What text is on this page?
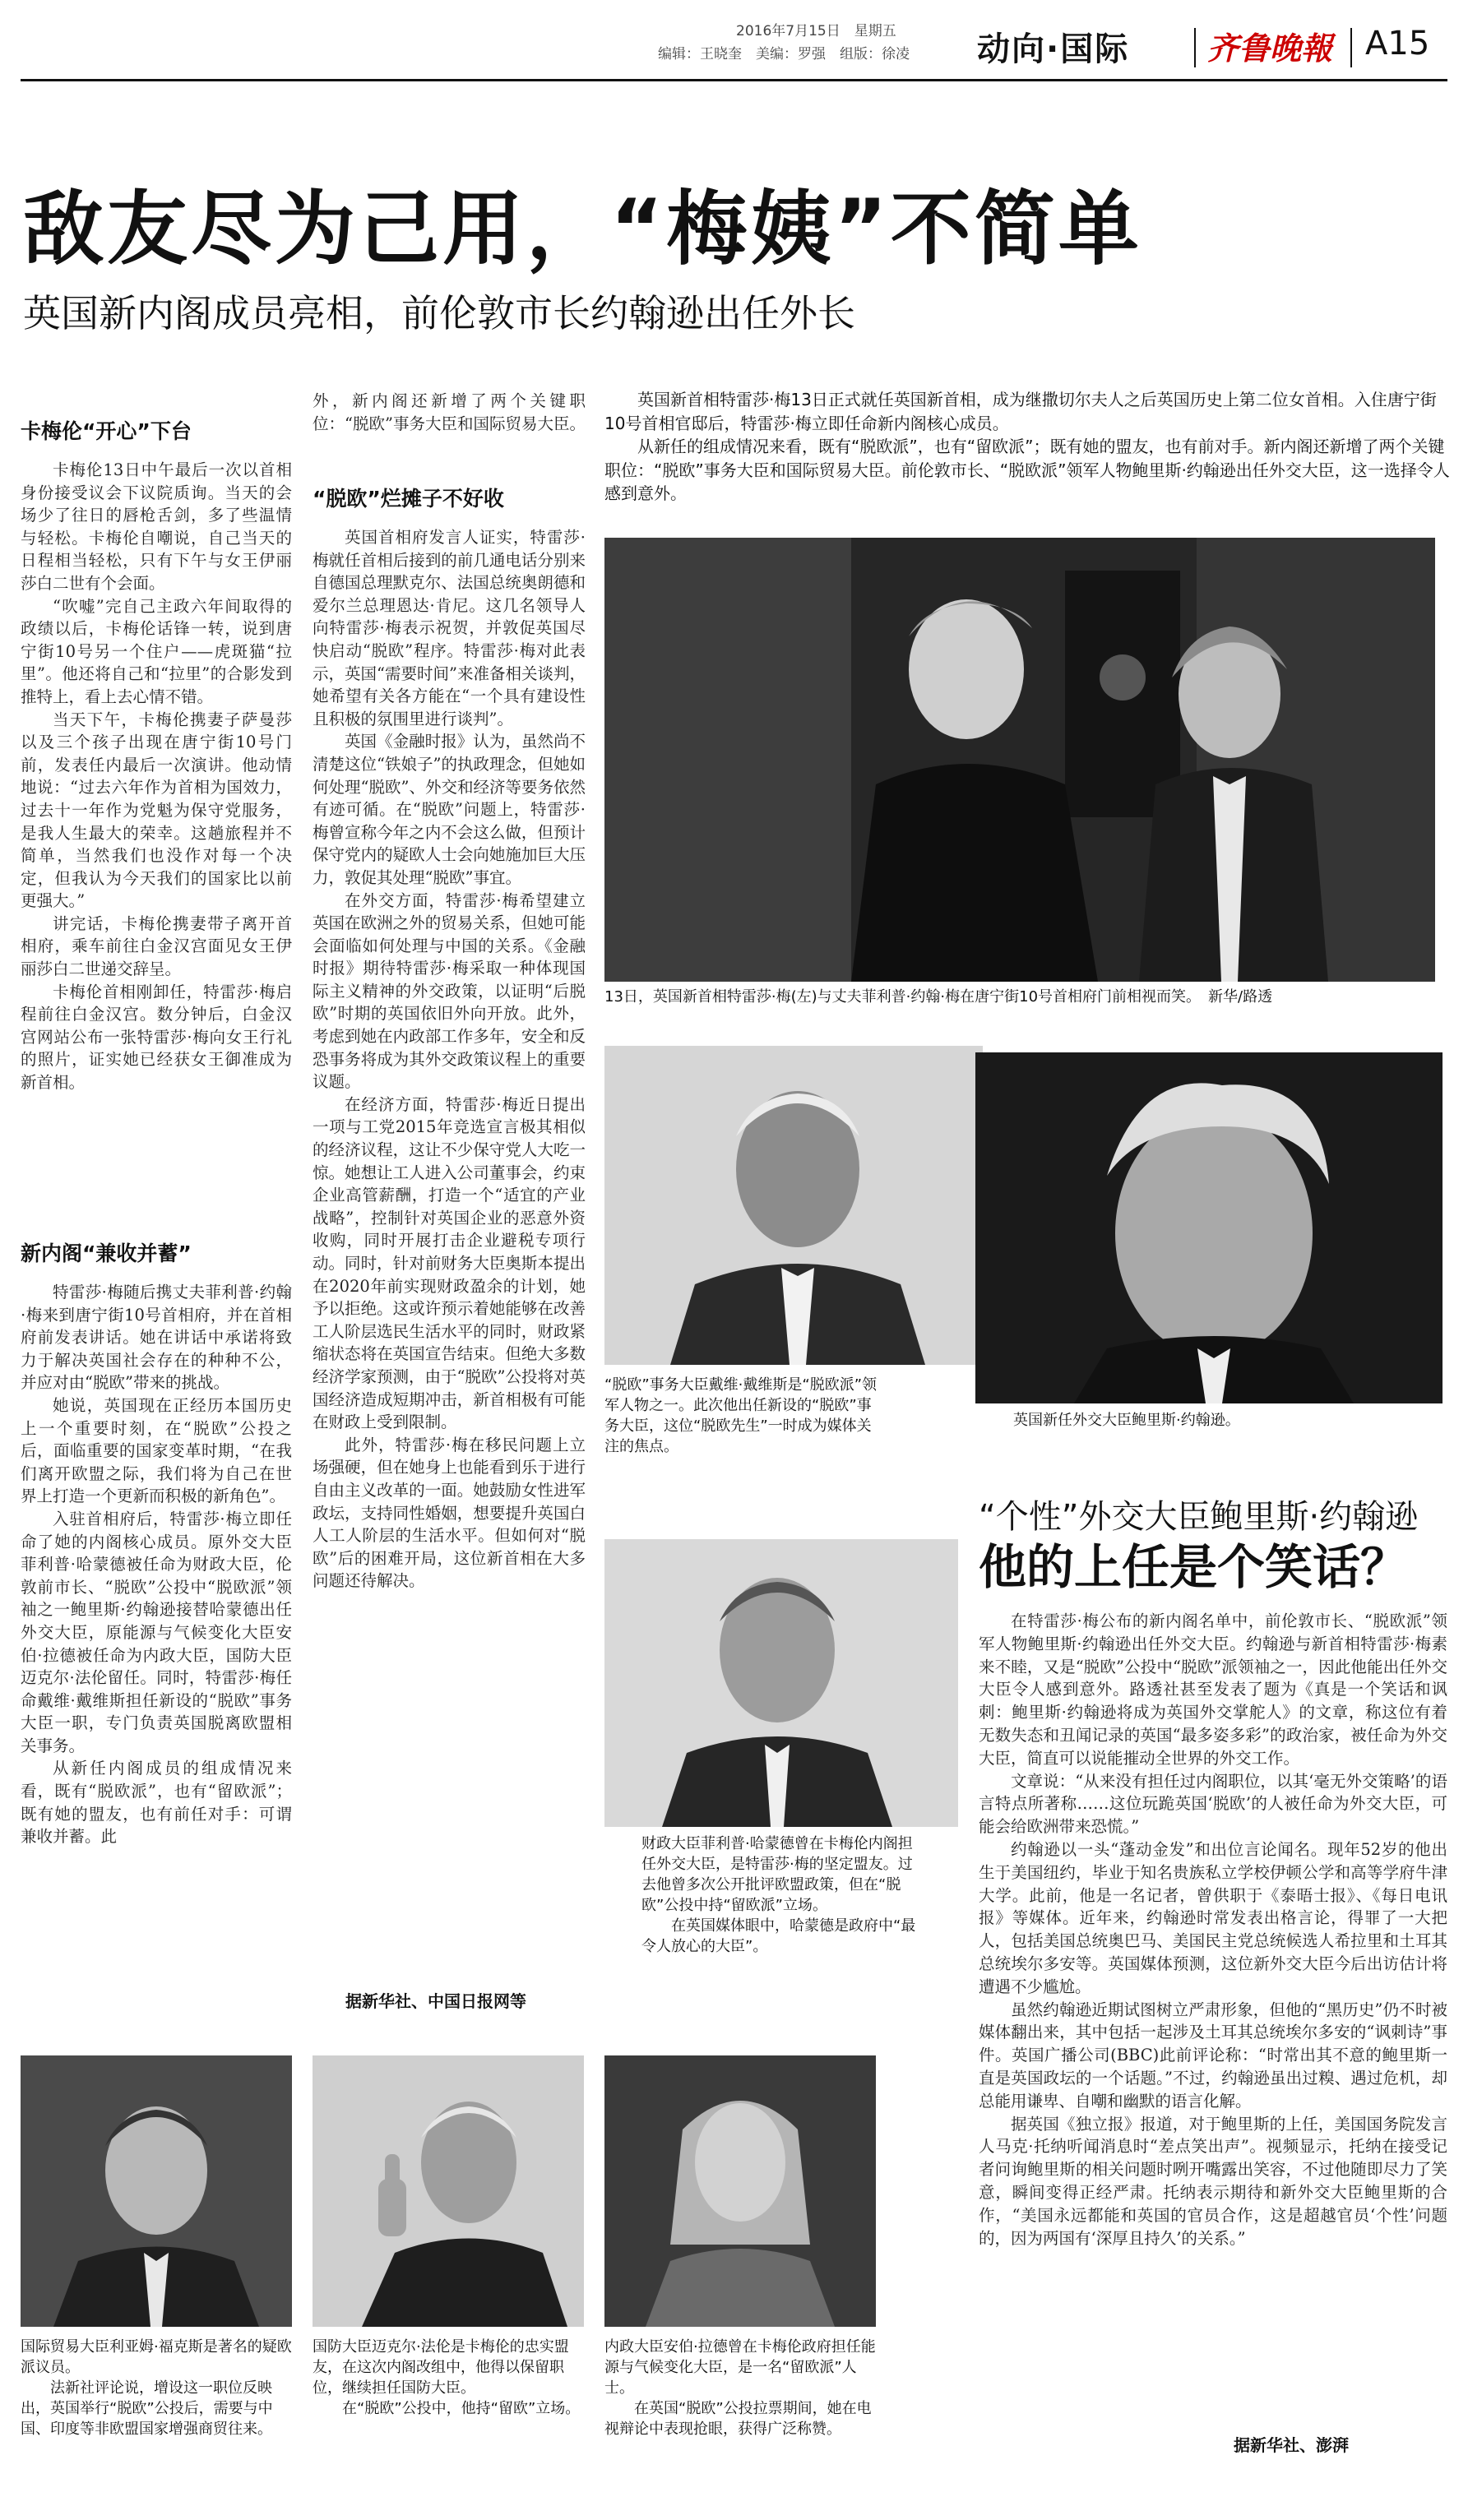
2016年7月15日　 星期五
编辑：王晓奎　美编：罗强　组版：徐凌 动向·国际 齐鲁晚報 A15
敌友尽为己用，“梅姨”不简单
英国新内阁成员亮相，前伦敦市长约翰逊出任外长
卡梅伦“开心”下台

卡梅伦13日中午最后一次以首相身份接受议会下议院质询。当天的会场少了往日的唇枪舌剑，多了些温情与轻松。卡梅伦自嘲说，自己当天的日程相当轻松，只有下午与女王伊丽莎白二世有个会面。

“吹嘘”完自己主政六年间取得的政绩以后，卡梅伦话锋一转，说到唐宁街10号另一个住户——虎斑猫“拉里”。他还将自己和“拉里”的合影发到推特上，看上去心情不错。

当天下午，卡梅伦携妻子萨曼莎以及三个孩子出现在唐宁街10号门前，发表任内最后一次演讲。他动情地说：“过去六年作为首相为国效力，过去十一年作为党魁为保守党服务，是我人生最大的荣幸。这趟旅程并不简单，当然我们也没作对每一个决定，但我认为今天我们的国家比以前更强大。”

讲完话，卡梅伦携妻带子离开首相府，乘车前往白金汉宫面见女王伊丽莎白二世递交辞呈。

卡梅伦首相刚卸任，特雷莎·梅启程前往白金汉宫。数分钟后，白金汉宫网站公布一张特雷莎·梅向女王行礼的照片，证实她已经获女王御准成为新首相。

新内阁“兼收并蓄”

特雷莎·梅随后携丈夫菲利普·约翰·梅来到唐宁街10号首相府，并在首相府前发表讲话。她在讲话中承诺将致力于解决英国社会存在的种种不公，并应对由“脱欧”带来的挑战。

她说，英国现在正经历本国历史上一个重要时刻，在“脱欧”公投之后，面临重要的国家变革时期，“在我们离开欧盟之际，我们将为自己在世界上打造一个更新而积极的新角色”。

入驻首相府后，特雷莎·梅立即任命了她的内阁核心成员。原外交大臣菲利普·哈蒙德被任命为财政大臣，伦敦前市长、“脱欧”公投中“脱欧派”领袖之一鲍里斯·约翰逊接替哈蒙德出任外交大臣，原能源与气候变化大臣安伯·拉德被任命为内政大臣，国防大臣迈克尔·法伦留任。同时，特雷莎·梅任命戴维·戴维斯担任新设的“脱欧”事务大臣一职，专门负责英国脱离欧盟相关事务。

从新任内阁成员的组成情况来看，既有“脱欧派”，也有“留欧派”；既有她的盟友，也有前任对手：可谓兼收并蓄。此

外，新内阁还新增了两个关键职位：“脱欧”事务大臣和国际贸易大臣。

“脱欧”烂摊子不好收

英国首相府发言人证实，特雷莎·梅就任首相后接到的前几通电话分别来自德国总理默克尔、法国总统奥朗德和爱尔兰总理恩达·肯尼。这几名领导人向特雷莎·梅表示祝贺，并敦促英国尽快启动“脱欧”程序。特雷莎·梅对此表示，英国“需要时间”来准备相关谈判，她希望有关各方能在“一个具有建设性且积极的氛围里进行谈判”。

英国《金融时报》认为，虽然尚不清楚这位“铁娘子”的执政理念，但她如何处理“脱欧”、外交和经济等要务依然有迹可循。在“脱欧”问题上，特雷莎·梅曾宣称今年之内不会这么做，但预计保守党内的疑欧人士会向她施加巨大压力，敦促其处理“脱欧”事宜。

在外交方面，特雷莎·梅希望建立英国在欧洲之外的贸易关系，但她可能会面临如何处理与中国的关系。《金融时报》期待特雷莎·梅采取一种体现国际主义精神的外交政策，以证明“后脱欧”时期的英国依旧外向开放。此外，考虑到她在内政部工作多年，安全和反恐事务将成为其外交政策议程上的重要议题。

在经济方面，特雷莎·梅近日提出一项与工党2015年竞选宣言极其相似的经济议程，这让不少保守党人大吃一惊。她想让工人进入公司董事会，约束企业高管薪酬，打造一个“适宜的产业战略”，控制针对英国企业的恶意外资收购，同时开展打击企业避税专项行动。同时，针对前财务大臣奥斯本提出在2020年前实现财政盈余的计划，她予以拒绝。这或许预示着她能够在改善工人阶层选民生活水平的同时，财政紧缩状态将在英国宣告结束。但绝大多数经济学家预测，由于“脱欧”公投将对英国经济造成短期冲击，新首相极有可能在财政上受到限制。

此外，特雷莎·梅在移民问题上立场强硬，但在她身上也能看到乐于进行自由主义改革的一面。她鼓励女性进军政坛，支持同性婚姻，想要提升英国白人工人阶层的生活水平。但如何对“脱欧”后的困难开局，这位新首相在大多问题还待解决。

据新华社、中国日报网等

英国新首相特雷莎·梅13日正式就任英国新首相，成为继撒切尔夫人之后英国历史上第二位女首相。入住唐宁街10号首相官邸后，特雷莎·梅立即任命新内阁核心成员。

从新任的组成情况来看，既有“脱欧派”，也有“留欧派”；既有她的盟友，也有前对手。新内阁还新增了两个关键职位：“脱欧”事务大臣和国际贸易大臣。前伦敦市长、“脱欧派”领军人物鲍里斯·约翰逊出任外交大臣，这一选择令人感到意外。

13日，英国新首相特雷莎·梅(左)与丈夫菲利普·约翰·梅在唐宁街10号首相府门前相视而笑。　新华/路透
“脱欧”事务大臣戴维·戴维斯是“脱欧派”领军人物之一。此次他出任新设的“脱欧”事务大臣，这位“脱欧先生”一时成为媒体关注的焦点。
英国新任外交大臣鲍里斯·约翰逊。

财政大臣菲利普·哈蒙德曾在卡梅伦内阁担任外交大臣，是特雷莎·梅的坚定盟友。过去他曾多次公开批评欧盟政策，但在“脱欧”公投中持“留欧派”立场。

在英国媒体眼中，哈蒙德是政府中“最令人放心的大臣”。

“个性”外交大臣鲍里斯·约翰逊
他的上任是个笑话？

在特雷莎·梅公布的新内阁名单中，前伦敦市长、“脱欧派”领军人物鲍里斯·约翰逊出任外交大臣。约翰逊与新首相特雷莎·梅素来不睦，又是“脱欧”公投中“脱欧”派领袖之一，因此他能出任外交大臣令人感到意外。路透社甚至发表了题为《真是一个笑话和讽刺：鲍里斯·约翰逊将成为英国外交掌舵人》的文章，称这位有着无数失态和丑闻记录的英国“最多姿多彩”的政治家，被任命为外交大臣，简直可以说能摧动全世界的外交工作。

文章说：“从来没有担任过内阁职位，以其‘毫无外交策略’的语言特点所著称……这位玩跪英国‘脱欧’的人被任命为外交大臣，可能会给欧洲带来恐慌。”

约翰逊以一头“蓬动金发”和出位言论闻名。现年52岁的他出生于美国纽约，毕业于知名贵族私立学校伊顿公学和高等学府牛津大学。此前，他是一名记者，曾供职于《泰晤士报》、《每日电讯报》等媒体。近年来，约翰逊时常发表出格言论，得罪了一大把人，包括美国总统奥巴马、美国民主党总统候选人希拉里和土耳其总统埃尔多安等。英国媒体预测，这位新外交大臣今后出访估计将遭遇不少尴尬。

虽然约翰逊近期试图树立严肃形象，但他的“黑历史”仍不时被媒体翻出来，其中包括一起涉及土耳其总统埃尔多安的“讽刺诗”事件。英国广播公司(BBC)此前评论称：“时常出其不意的鲍里斯一直是英国政坛的一个话题。”不过，约翰逊虽出过糗、遇过危机，却总能用谦卑、自嘲和幽默的语言化解。

据英国《独立报》报道，对于鲍里斯的上任，美国国务院发言人马克·托纳听闻消息时“差点笑出声”。视频显示，托纳在接受记者问询鲍里斯的相关问题时咧开嘴露出笑容，不过他随即尽力了笑意，瞬间变得正经严肃。托纳表示期待和新外交大臣鲍里斯的合作，“美国永远都能和英国的官员合作，这是超越官员‘个性’问题的，因为两国有‘深厚且持久’的关系。”

据新华社、澎湃

国际贸易大臣利亚姆·福克斯是著名的疑欧派议员。

法新社评论说，增设这一职位反映出，英国举行“脱欧”公投后，需要与中国、印度等非欧盟国家增强商贸往来。

国防大臣迈克尔·法伦是卡梅伦的忠实盟友，在这次内阁改组中，他得以保留职位，继续担任国防大臣。

在“脱欧”公投中，他持“留欧”立场。

内政大臣安伯·拉德曾在卡梅伦政府担任能源与气候变化大臣，是一名“留欧派”人士。

在英国“脱欧”公投拉票期间，她在电视辩论中表现抢眼，获得广泛称赞。
